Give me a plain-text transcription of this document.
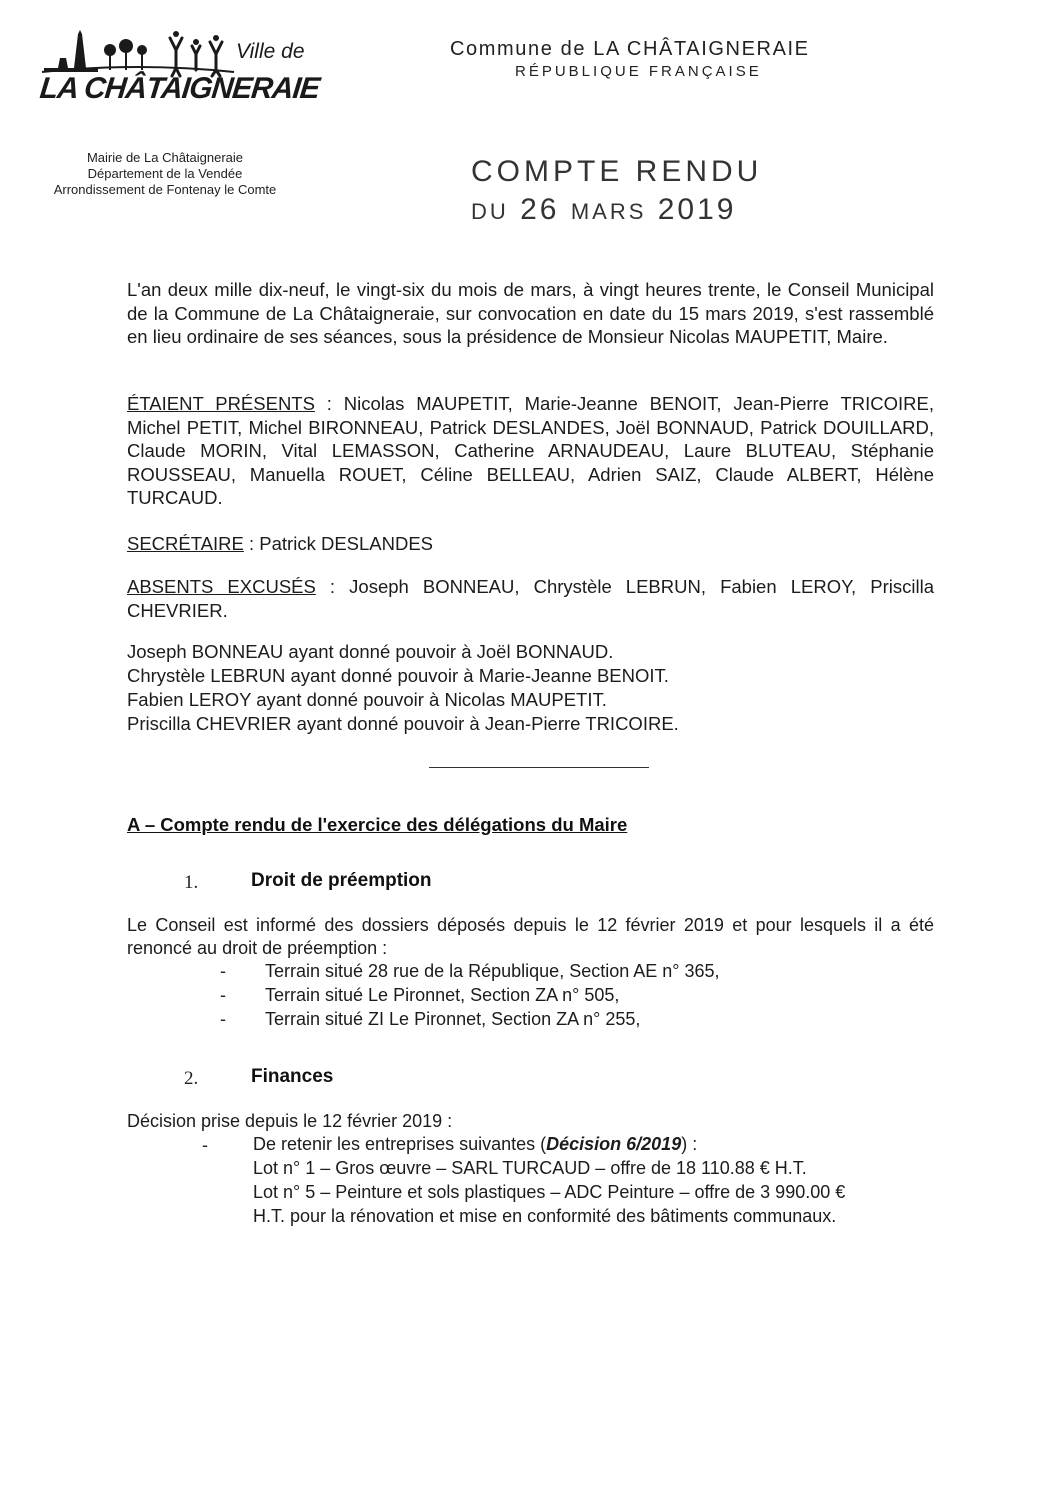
Ville de
LA CHÂTAIGNERAIE
Commune de LA CHÂTAIGNERAIE
RÉPUBLIQUE FRANÇAISE
Mairie de La Châtaigneraie
Département de la Vendée
Arrondissement de Fontenay le Comte
COMPTE RENDU
DU 26 MARS 2019
L'an deux mille dix-neuf, le vingt-six du mois de mars, à vingt heures trente, le Conseil Municipal de la Commune de La Châtaigneraie, sur convocation en date du 15 mars 2019, s'est rassemblé en lieu ordinaire de ses séances, sous la présidence de Monsieur Nicolas MAUPETIT, Maire.
ÉTAIENT PRÉSENTS : Nicolas MAUPETIT, Marie-Jeanne BENOIT, Jean-Pierre TRICOIRE, Michel PETIT, Michel BIRONNEAU, Patrick DESLANDES, Joël BONNAUD, Patrick DOUILLARD, Claude MORIN, Vital LEMASSON, Catherine ARNAUDEAU, Laure BLUTEAU, Stéphanie ROUSSEAU, Manuella ROUET, Céline BELLEAU, Adrien SAIZ, Claude ALBERT, Hélène TURCAUD.
SECRÉTAIRE : Patrick DESLANDES
ABSENTS EXCUSÉS : Joseph BONNEAU, Chrystèle LEBRUN, Fabien LEROY, Priscilla CHEVRIER.
Joseph BONNEAU ayant donné pouvoir à Joël BONNAUD.
Chrystèle LEBRUN ayant donné pouvoir à Marie-Jeanne BENOIT.
Fabien LEROY ayant donné pouvoir à Nicolas MAUPETIT.
Priscilla CHEVRIER ayant donné pouvoir à Jean-Pierre TRICOIRE.
A – Compte rendu de l'exercice des délégations du Maire
1.	Droit de préemption
Le Conseil est informé des dossiers déposés depuis le 12 février 2019 et pour lesquels il a été renoncé au droit de préemption :
- Terrain situé 28 rue de la République, Section AE n° 365,
- Terrain situé Le Pironnet, Section ZA n° 505,
- Terrain situé ZI Le Pironnet, Section ZA n° 255,
2.	Finances
Décision prise depuis le 12 février 2019 :
-	De retenir les entreprises suivantes (Décision 6/2019) :
Lot n° 1 – Gros œuvre – SARL TURCAUD – offre de 18 110.88 € H.T.
Lot n° 5 – Peinture et sols plastiques – ADC Peinture – offre de 3 990.00 €
H.T. pour la rénovation et mise en conformité des bâtiments communaux.
